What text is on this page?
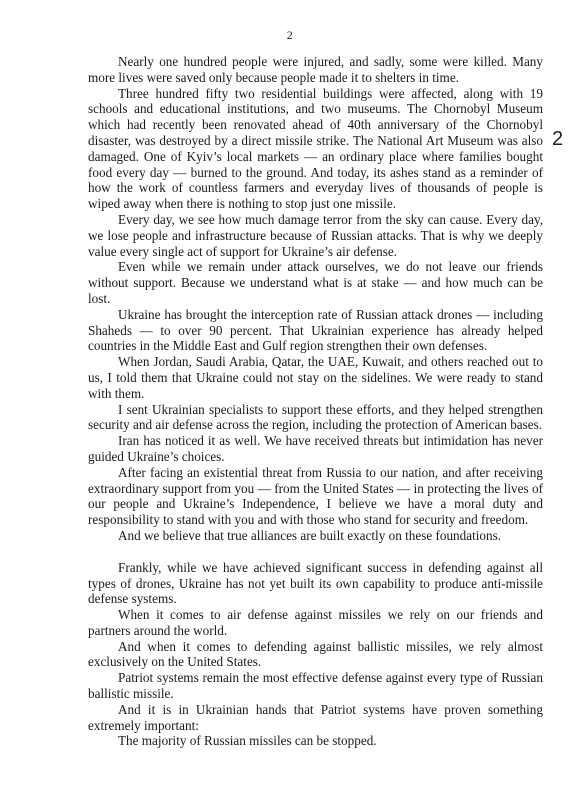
2
2

Nearly one hundred people were injured, and sadly, some were killed. Many more lives were saved only because people made it to shelters in time.

Three hundred fifty two residential buildings were affected, along with 19 schools and educational institutions, and two museums. The Chornobyl Museum which had recently been renovated ahead of 40th anniversary of the Chornobyl disaster, was destroyed by a direct missile strike. The National Art Museum was also damaged. One of Kyiv’s local markets — an ordinary place where families bought food every day — burned to the ground. And today, its ashes stand as a reminder of how the work of countless farmers and everyday lives of thousands of people is wiped away when there is nothing to stop just one missile.

Every day, we see how much damage terror from the sky can cause. Every day, we lose people and infrastructure because of Russian attacks. That is why we deeply value every single act of support for Ukraine’s air defense.

Even while we remain under attack ourselves, we do not leave our friends without support. Because we understand what is at stake — and how much can be lost.

Ukraine has brought the interception rate of Russian attack drones — including Shaheds — to over 90 percent. That Ukrainian experience has already helped countries in the Middle East and Gulf region strengthen their own defenses.

When Jordan, Saudi Arabia, Qatar, the UAE, Kuwait, and others reached out to us, I told them that Ukraine could not stay on the sidelines. We were ready to stand with them.

I sent Ukrainian specialists to support these efforts, and they helped strengthen security and air defense across the region, including the protection of American bases.

Iran has noticed it as well. We have received threats but intimidation has never guided Ukraine’s choices.

After facing an existential threat from Russia to our nation, and after receiving extraordinary support from you — from the United States — in protecting the lives of our people and Ukraine’s Independence, I believe we have a moral duty and responsibility to stand with you and with those who stand for security and freedom.

And we believe that true alliances are built exactly on these foundations.

Frankly, while we have achieved significant success in defending against all types of drones, Ukraine has not yet built its own capability to produce anti-missile defense systems.

When it comes to air defense against missiles we rely on our friends and partners around the world.

And when it comes to defending against ballistic missiles, we rely almost exclusively on the United States.

Patriot systems remain the most effective defense against every type of Russian ballistic missile.

And it is in Ukrainian hands that Patriot systems have proven something extremely important:

The majority of Russian missiles can be stopped.
